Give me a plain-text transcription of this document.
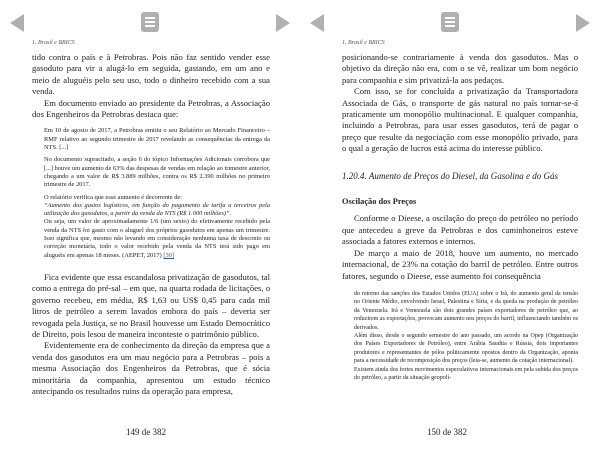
1. Brasil e BRICS

tido contra o país e à Petrobras. Pois não faz sentido vender esse gasoduto para vir a alugá-lo em seguida, gastando, em um ano e meio de aluguéis pelo seu uso, todo o dinheiro recebido com a sua venda.

Em documento enviado ao presidente da Petrobras, a Associação dos Engenheiros da Petrobras destaca que:

Em 10 de agosto de 2017, a Petrobras emitiu o seu Relatório ao Mercado Financeiro – RMF relativo ao segundo trimestre de 2017 revelando as consequências da entrega da NTS. [...]

No documento supracitado, a seção 6 do tópico Informações Adicionais corrobora que [...] houve um aumento de 63% das despesas de vendas em relação ao trimestre anterior, chegando a um valor de R$ 3.889 milhões, contra os R$ 2.390 milhões no primeiro trimestre de 2017.

O relatório verifica que esse aumento é decorrente de:

“Aumento dos gastos logísticos, em função do pagamento de tarifa a terceiros pela utilização dos gasodutos, a partir da venda da NTS (R$ 1.000 milhões)”.

Ou seja, um valor de aproximadamente 1/6 (um sexto) do efetivamente recebido pela venda da NTS foi gasto com o aluguel dos próprios gasodutos em apenas um trimestre. Isso significa que, mesmo não levando em consideração nenhuma taxa de desconto ou correção monetária, todo o valor recebido pela venda da NTS terá sido pago em aluguéis em apenas 18 meses. (AEPET, 2017) [30]

Fica evidente que essa escandalosa privatização de gasodutos, tal como a entrega do pré-sal – em que, na quarta rodada de licitações, o governo recebeu, em média, R$ 1,63 ou US$ 0,45 para cada mil litros de petróleo a serem lavados embora do país – deveria ser revogada pela Justiça, se no Brasil houvesse um Estado Democrático de Direito, pois lesou de maneira inconteste o patrimônio público.

Evidentemente era de conhecimento da direção da empresa que a venda dos gasodutos era um mau negócio para a Petrobras – pois a mesma Associação dos Engenheiros da Petrobras, que é sócia minoritária da companhia, apresentou um estudo técnico antecipando os resultados ruins da operação para empresa,

149 de 382
1. Brasil e BRICS

posicionando-se contrariamente à venda dos gasodutos. Mas o objetivo da direção não era, com o se vê, realizar um bom negócio para companhia e sim privatizá-la aos pedaços.

Com isso, se for concluída a privatização da Transportadora Associada de Gás, o transporte de gás natural no país tornar-se-á praticamente um monopólio multinacional. E qualquer companhia, incluindo a Petrobras, para usar esses gasodutos, terá de pagar o preço que resulte da negociação com esse monopólio privado, para o qual a geração de lucros está acima do interesse público.

1.20.4. Aumento de Preços do Diesel, da Gasolina e do Gás
Oscilação dos Preços

Conforme o Dieese, a oscilação do preço do petróleo no período que antecedeu a greve da Petrobras e dos caminhoneiros esteve associada a fatores externos e internos.

De março a maio de 2018, houve um aumento, no mercado internacional, de 23% na cotação do barril de petróleo. Entre outros fatores, segundo o Dieese, esse aumento foi consequência

do retorno das sanções dos Estados Unidos (EUA) sobre o Irã, do aumento geral da tensão no Oriente Médio, envolvendo Israel, Palestina e Síria, e da queda na produção de petróleo da Venezuela. Irã e Venezuela são dois grandes países exportadores de petróleo que, ao reduzirem as exportações, provocam aumento nos preços do barril, influenciando também os derivados.

Além disso, desde o segundo semestre do ano passado, um acordo na Opep (Organização dos Países Exportadores de Petróleo), entre Arábia Saudita e Rússia, dois importantes produtores e representantes de pólos politicamente opostos dentro da Organização, aponta para a necessidade de recomposição dos preços (leia-se, aumento da cotação internacional).

Existem ainda dos fortes movimentos especulativos internacionais em pela subida dos preços do petróleo, a partir da situação geopolí-

150 de 382
